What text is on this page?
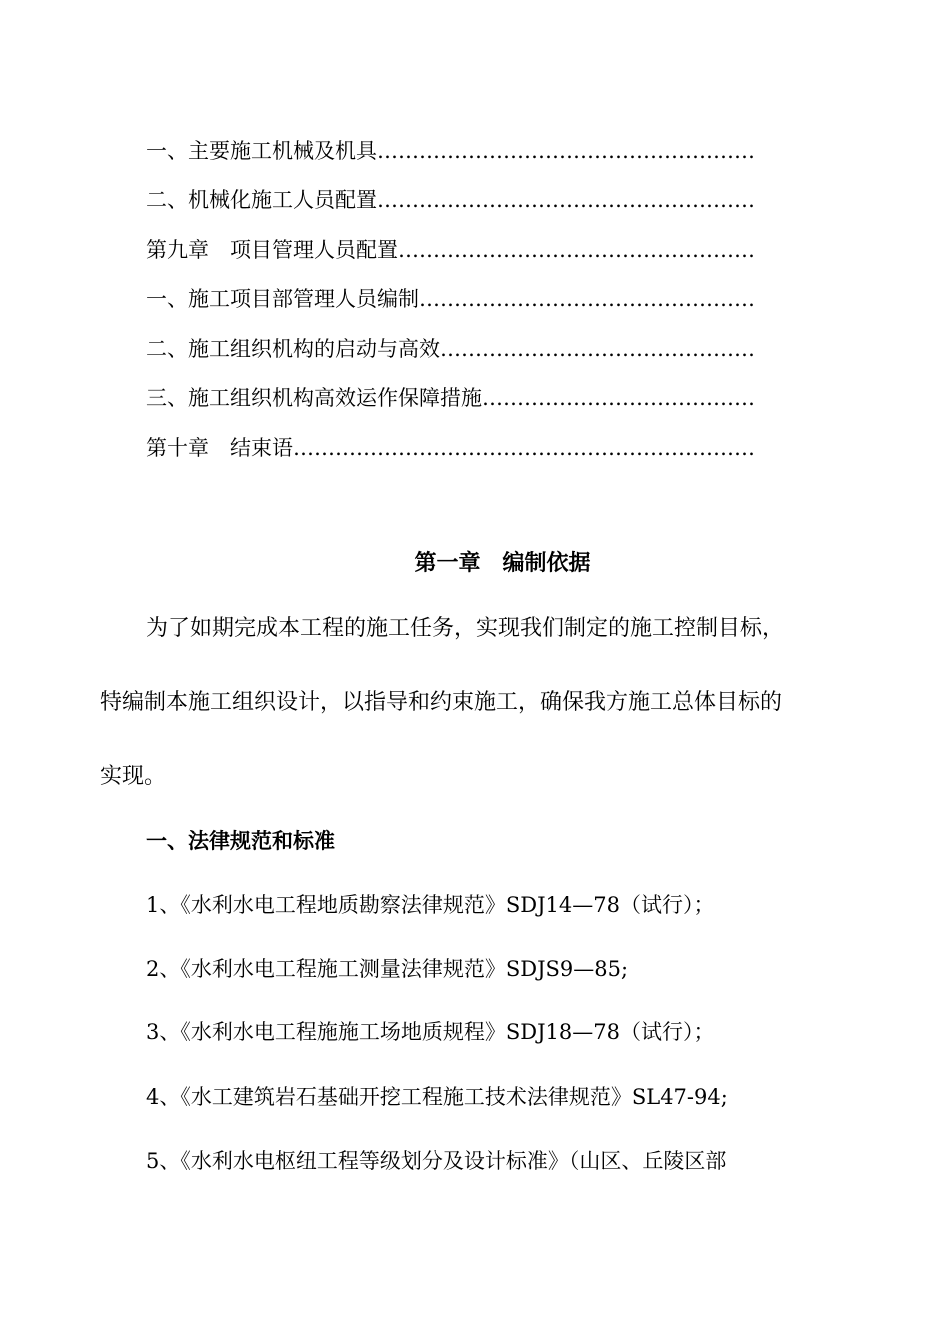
一、主要施工机械及机具………………………………………………
二、机械化施工人员配置………………………………………………
第九章　项目管理人员配置……………………………………………
一、施工项目部管理人员编制…………………………………………
二、施工组织机构的启动与高效………………………………………
三、施工组织机构高效运作保障措施…………………………………
第十章　结束语…………………………………………………………
第一章　编制依据
为了如期完成本工程的施工任务，实现我们制定的施工控制目标，
特编制本施工组织设计，以指导和约束施工，确保我方施工总体目标的
实现。
一、法律规范和标准
1、《水利水电工程地质勘察法律规范》SDJ14—78（试行）；
2、《水利水电工程施工测量法律规范》SDJS9—85;
3、《水利水电工程施施工场地质规程》SDJ18—78（试行）；
4、《水工建筑岩石基础开挖工程施工技术法律规范》SL47-94;
5、《水利水电枢纽工程等级划分及设计标准》（山区、丘陵区部
